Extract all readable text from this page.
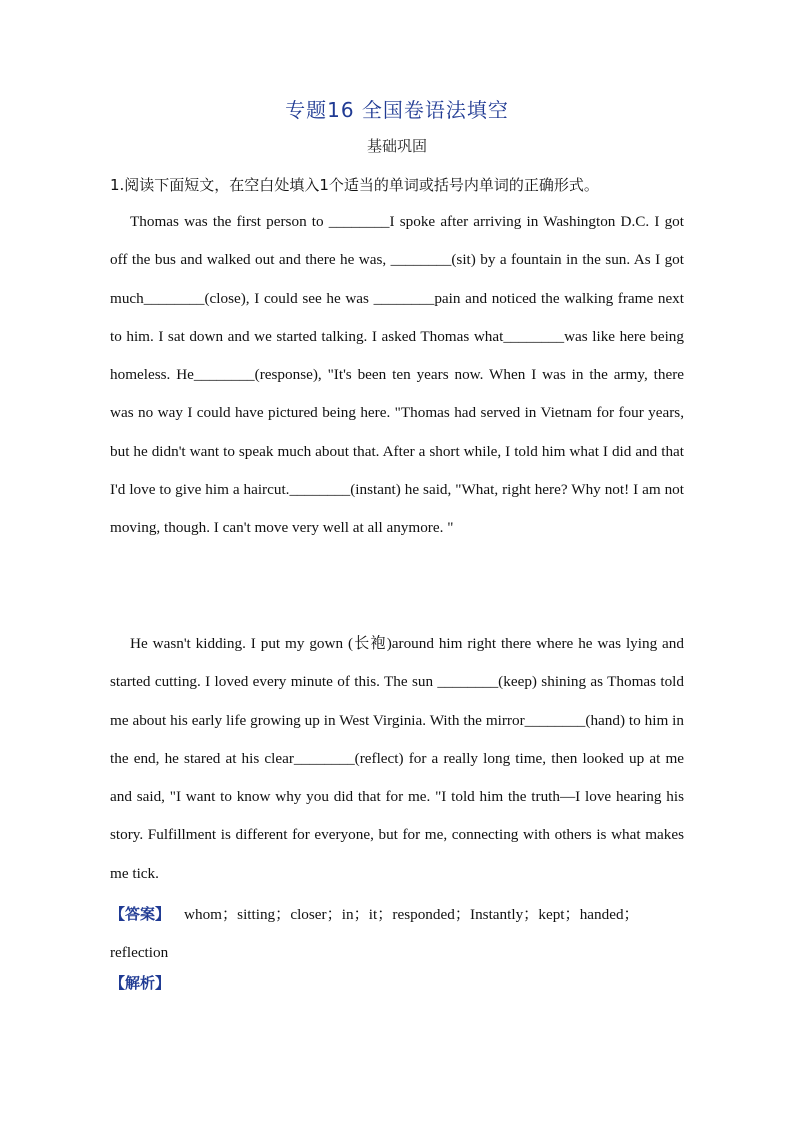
专题16 全国卷语法填空
基础巩固
1.阅读下面短文，在空白处填入1个适当的单词或括号内单词的正确形式。
Thomas was the first person to ________I spoke after arriving in Washington D.C. I got off the bus and walked out and there he was, ________(sit) by a fountain in the sun. As I got much________(close), I could see he was ________pain and noticed the walking frame next to him. I sat down and we started talking. I asked Thomas what________was like here being homeless. He________(response), "It's been ten years now. When I was in the army, there was no way I could have pictured being here. "Thomas had served in Vietnam for four years, but he didn't want to speak much about that. After a short while, I told him what I did and that I'd love to give him a haircut.________(instant) he said, "What, right here? Why not! I am not moving, though. I can't move very well at all anymore. "
He wasn't kidding. I put my gown (长袍)around him right there where he was lying and started cutting. I loved every minute of this. The sun ________(keep) shining as Thomas told me about his early life growing up in West Virginia. With the mirror________(hand) to him in the end, he stared at his clear________(reflect) for a really long time, then looked up at me and said, "I want to know why you did that for me. "I told him the truth—I love hearing his story. Fulfillment is different for everyone, but for me, connecting with others is what makes me tick.
【答案】 whom；sitting；closer；in；it；responded；Instantly；kept；handed；reflection
【解析】
